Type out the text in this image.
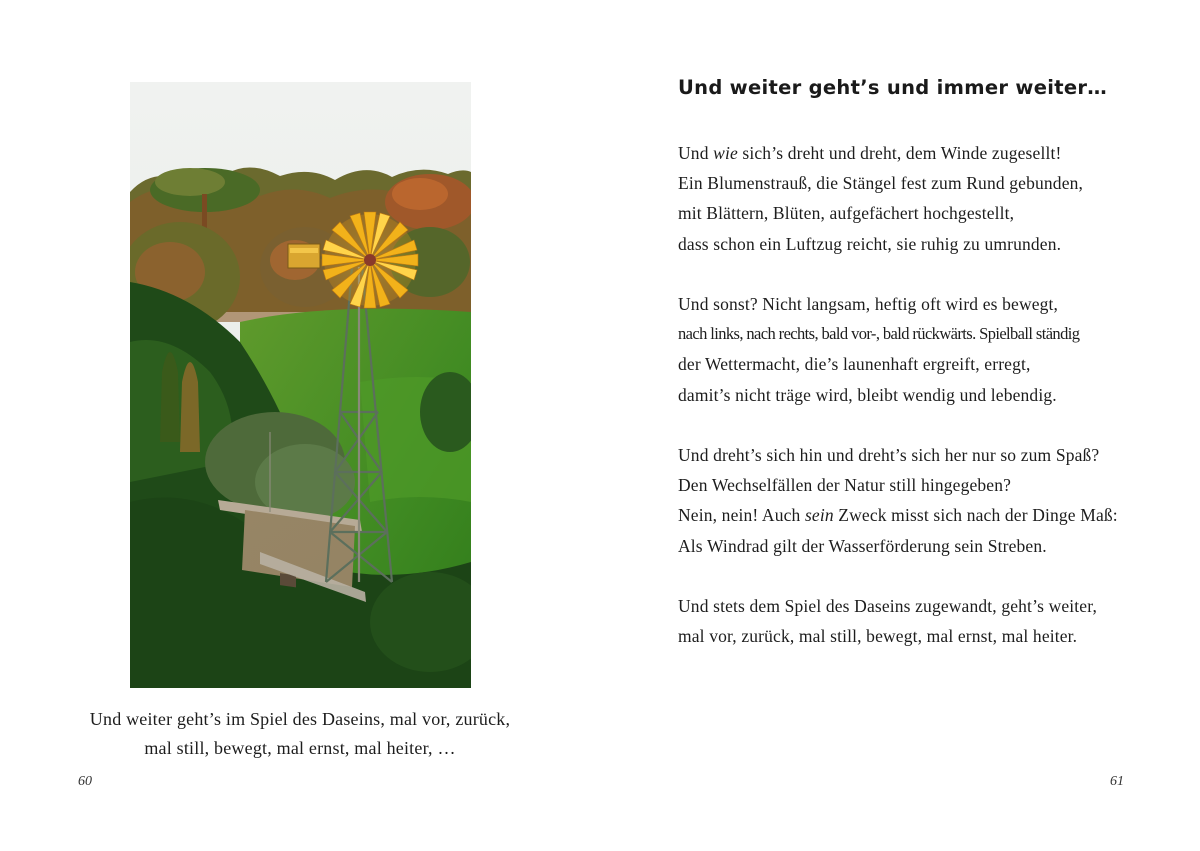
Und weiter geht’s im Spiel des Daseins, mal vor, zurück,
mal still, bewegt, mal ernst, mal heiter, …
60
Und weiter geht’s und immer weiter…
Und wie sich’s dreht und dreht, dem Winde zugesellt!
Ein Blumenstrauß, die Stängel fest zum Rund gebunden,
mit Blättern, Blüten, aufgefächert hochgestellt,
dass schon ein Luftzug reicht, sie ruhig zu umrunden.
Und sonst? Nicht langsam, heftig oft wird es bewegt,
nach links, nach rechts, bald vor-, bald rückwärts. Spielball ständig
der Wettermacht, die’s launenhaft ergreift, erregt,
damit’s nicht träge wird, bleibt wendig und lebendig.
Und dreht’s sich hin und dreht’s sich her nur so zum Spaß?
Den Wechselfällen der Natur still hingegeben?
Nein, nein! Auch sein Zweck misst sich nach der Dinge Maß:
Als Windrad gilt der Wasserförderung sein Streben.
Und stets dem Spiel des Daseins zugewandt, geht’s weiter,
mal vor, zurück, mal still, bewegt, mal ernst, mal heiter.
61
